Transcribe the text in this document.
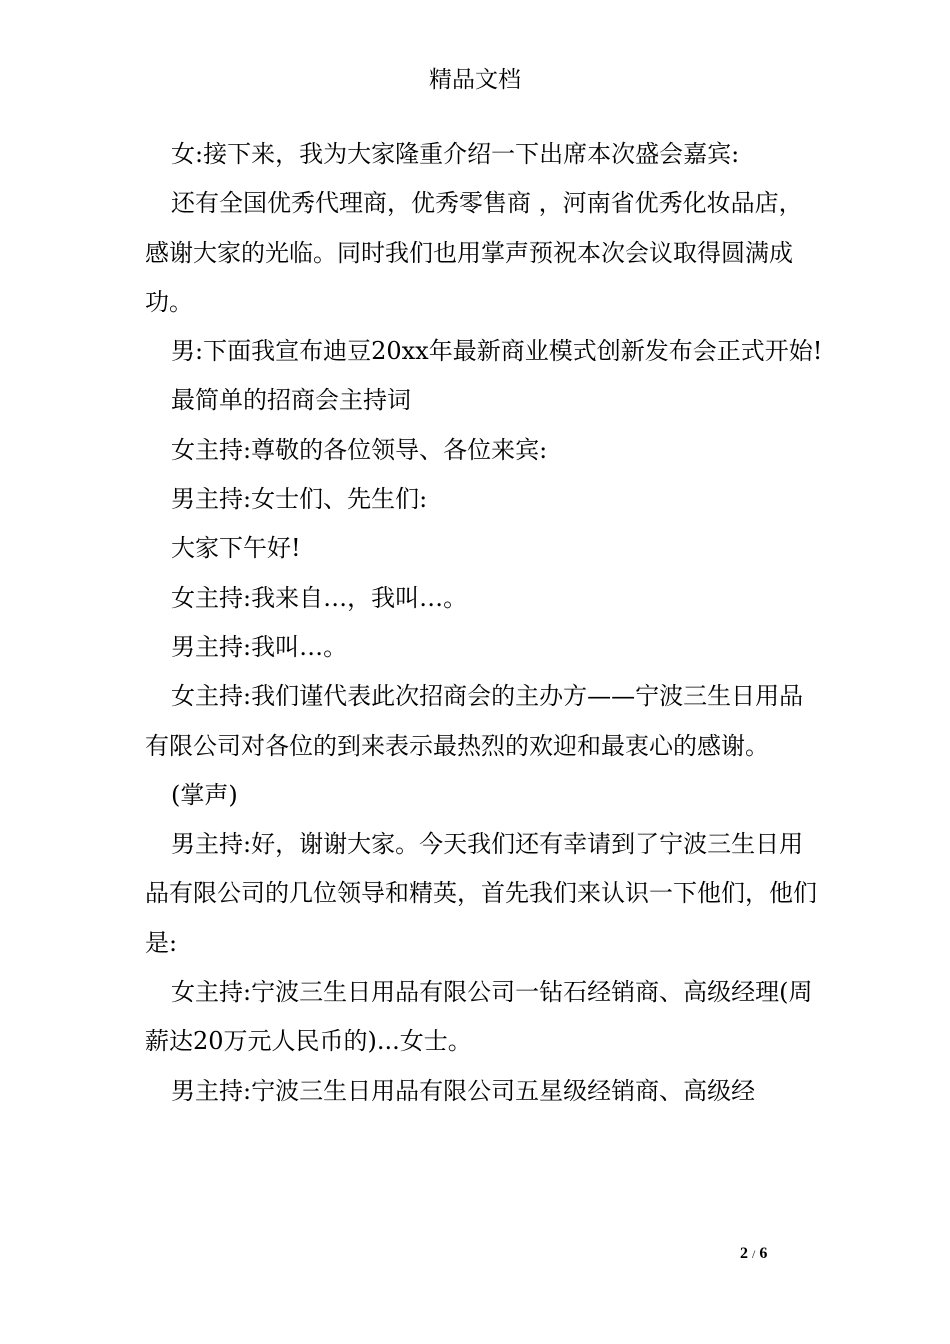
精品文档

女:接下来，我为大家隆重介绍一下出席本次盛会嘉宾:

还有全国优秀代理商，优秀零售商 ，河南省优秀化妆品店，感谢大家的光临。同时我们也用掌声预祝本次会议取得圆满成功。

男:下面我宣布迪豆20xx年最新商业模式创新发布会正式开始!

最简单的招商会主持词

女主持:尊敬的各位领导、各位来宾:

男主持:女士们、先生们:

大家下午好!

女主持:我来自…，我叫…。

男主持:我叫…。

女主持:我们谨代表此次招商会的主办方——宁波三生日用品有限公司对各位的到来表示最热烈的欢迎和最衷心的感谢。

(掌声)

男主持:好，谢谢大家。今天我们还有幸请到了宁波三生日用品有限公司的几位领导和精英，首先我们来认识一下他们，他们是:

女主持:宁波三生日用品有限公司一钻石经销商、高级经理(周薪达20万元人民币的)...女士。

男主持:宁波三生日用品有限公司五星级经销商、高级经

2 / 6
